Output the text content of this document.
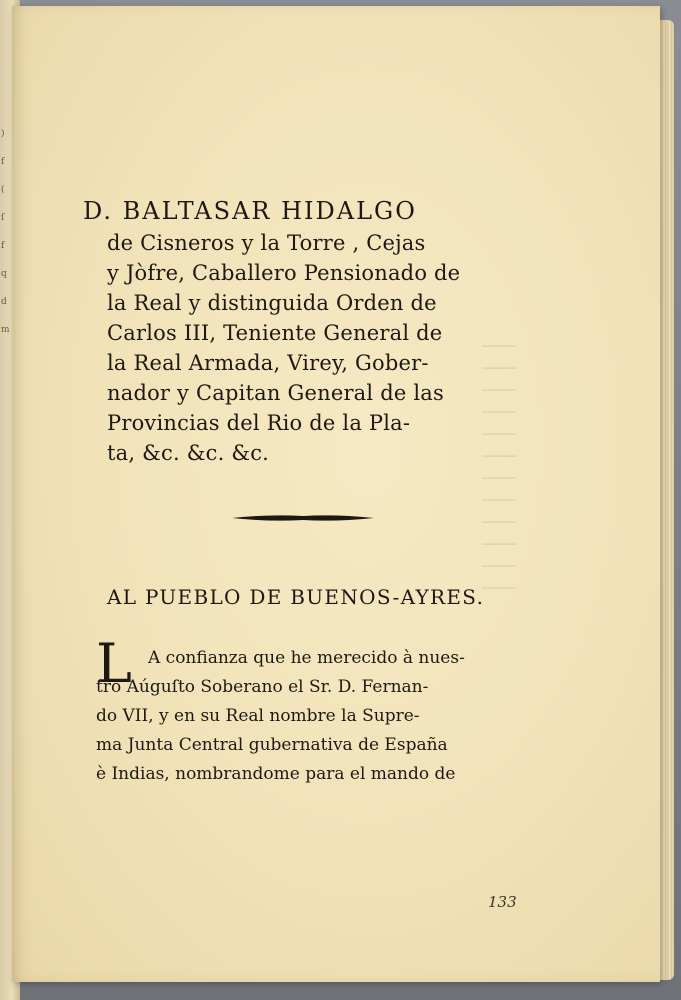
)
f
(
ſ
f
q
d
m
────
────
────
────
────
────
────
────
────
────
────
────
D. BALTASAR HIDALGO
de Cisneros y la Torre , Cejas
y Jòfre, Caballero Pensionado de
la Real y distinguida Orden de
Carlos III, Teniente General de
la Real Armada, Virey, Gober-
nador y Capitan General de las
Provincias del Rio de la Pla-
ta, &c. &c. &c.
AL PUEBLO DE BUENOS-AYRES.
L A confianza que he merecido à nues-
tro Aúguſto Soberano el Sr. D. Fernan-
do VII, y en su Real nombre la Supre-
ma Junta Central gubernativa de España
è Indias, nombrandome para el mando de
133
